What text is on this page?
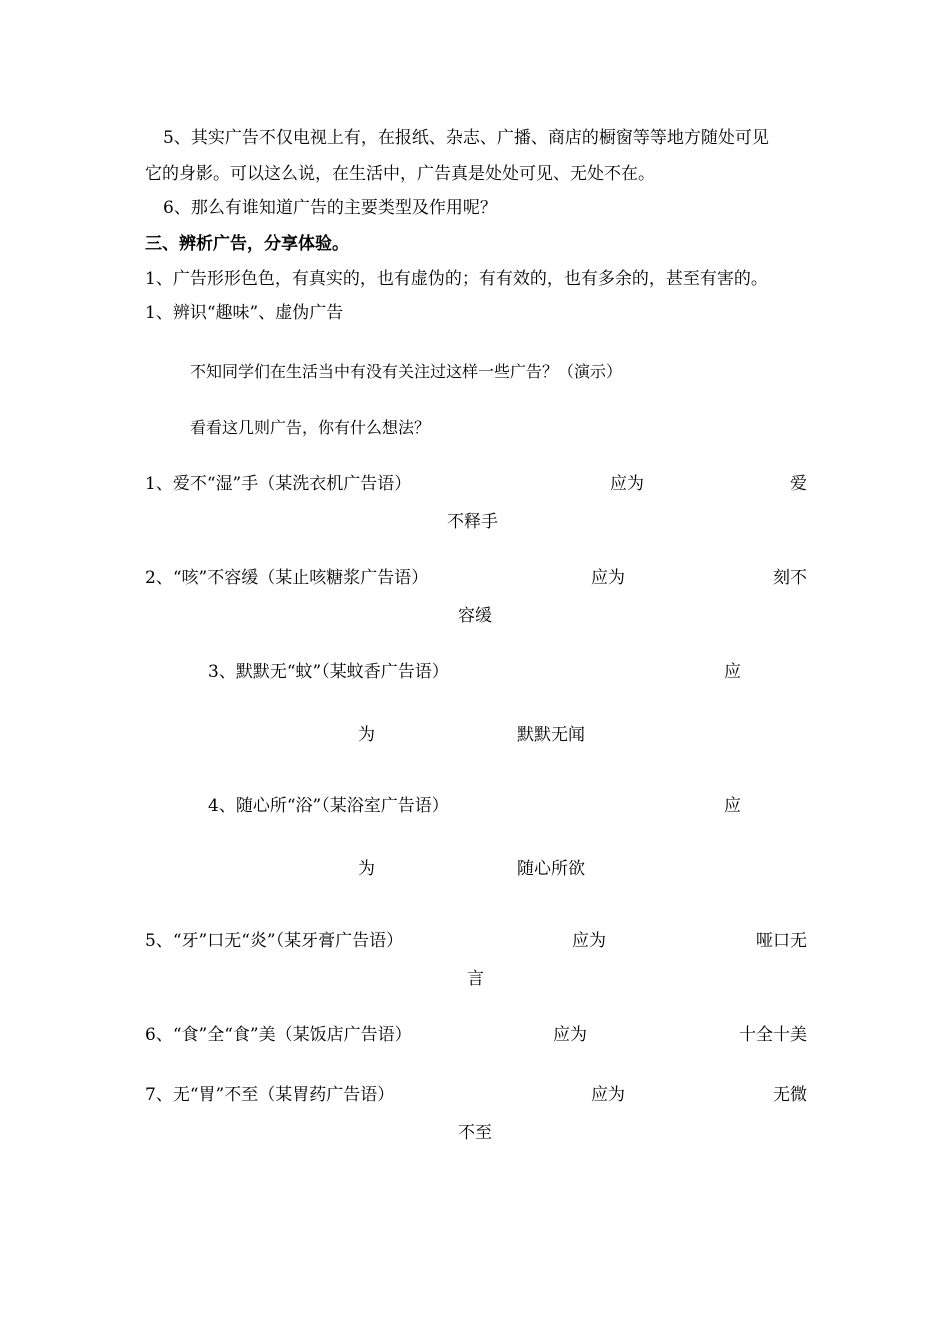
5、其实广告不仅电视上有，在报纸、杂志、广播、商店的橱窗等等地方随处可见
它的身影。可以这么说，在生活中，广告真是处处可见、无处不在。
6、那么有谁知道广告的主要类型及作用呢？
三、辨析广告，分享体验。
1、广告形形色色，有真实的，也有虚伪的；有有效的，也有多余的，甚至有害的。
1、辨识“趣味”、虚伪广告
不知同学们在生活当中有没有关注过这样一些广告？（演示）
看看这几则广告，你有什么想法？
1、爱不“湿”手（某洗衣机广告语）	应为	爱
不释手
2、“咳”不容缓（某止咳糖浆广告语）	应为	刻不
容缓
3、默默无“蚊”（某蚊香广告语）	应
为	默默无闻
4、随心所“浴”（某浴室广告语）	应
为	随心所欲
5、“牙”口无“炎”（某牙膏广告语）	应为	哑口无
言
6、“食”全“食”美（某饭店广告语）	应为	十全十美
7、无“胃”不至（某胃药广告语）	应为	无微
不至
